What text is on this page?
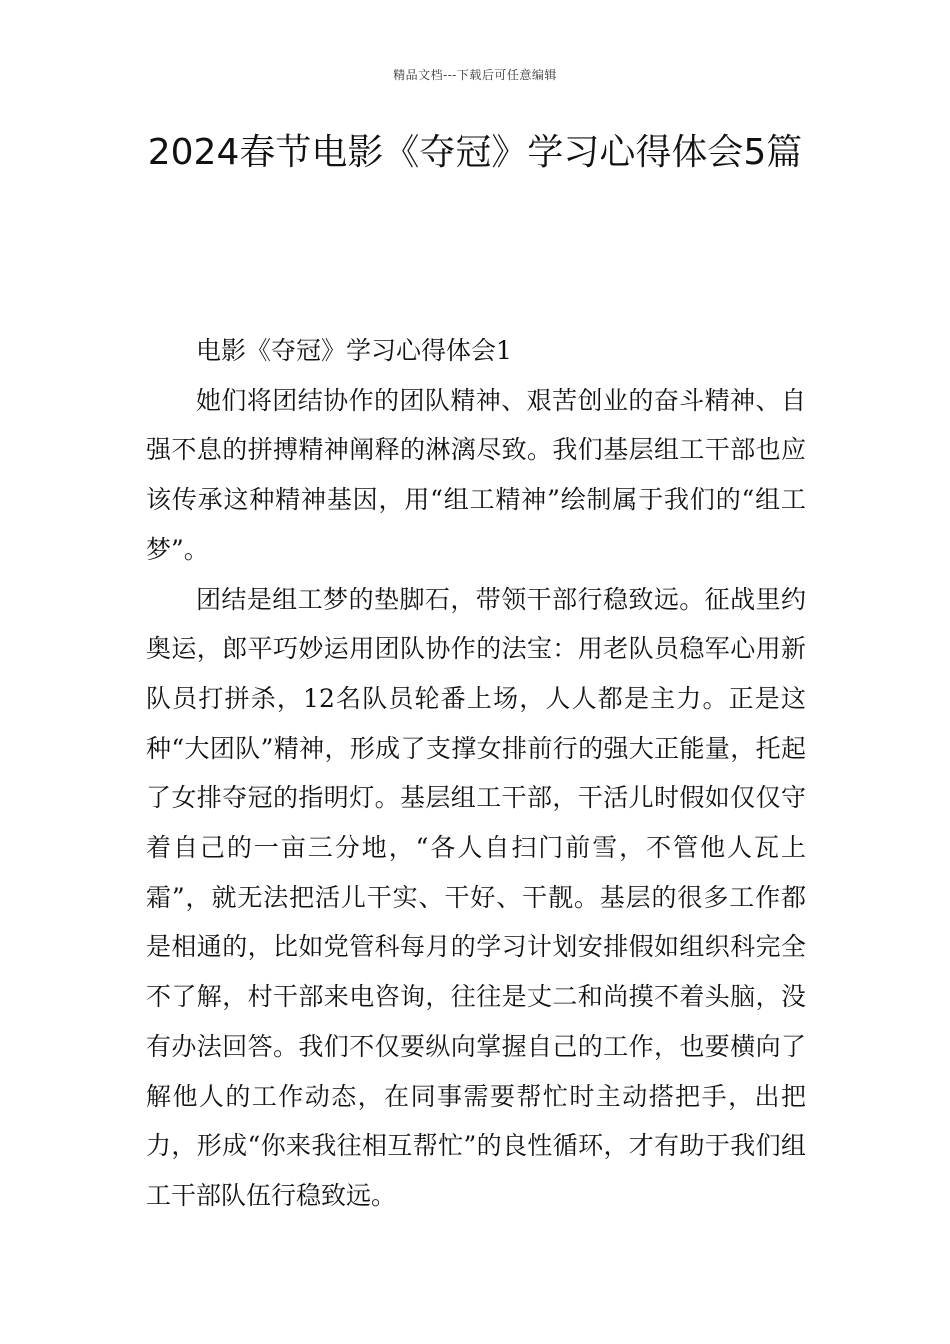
精品文档---下载后可任意编辑
2024春节电影《夺冠》学习心得体会5篇

电影《夺冠》学习心得体会1

她们将团结协作的团队精神、艰苦创业的奋斗精神、自强不息的拼搏精神阐释的淋漓尽致。我们基层组工干部也应该传承这种精神基因，用“组工精神”绘制属于我们的“组工梦”。

团结是组工梦的垫脚石，带领干部行稳致远。征战里约奥运，郎平巧妙运用团队协作的法宝：用老队员稳军心用新队员打拼杀，12名队员轮番上场，人人都是主力。正是这种“大团队”精神，形成了支撑女排前行的强大正能量，托起了女排夺冠的指明灯。基层组工干部，干活儿时假如仅仅守着自己的一亩三分地，“各人自扫门前雪，不管他人瓦上霜”，就无法把活儿干实、干好、干靓。基层的很多工作都是相通的，比如党管科每月的学习计划安排假如组织科完全不了解，村干部来电咨询，往往是丈二和尚摸不着头脑，没有办法回答。我们不仅要纵向掌握自己的工作，也要横向了解他人的工作动态，在同事需要帮忙时主动搭把手，出把力，形成“你来我往相互帮忙”的良性循环，才有助于我们组工干部队伍行稳致远。
